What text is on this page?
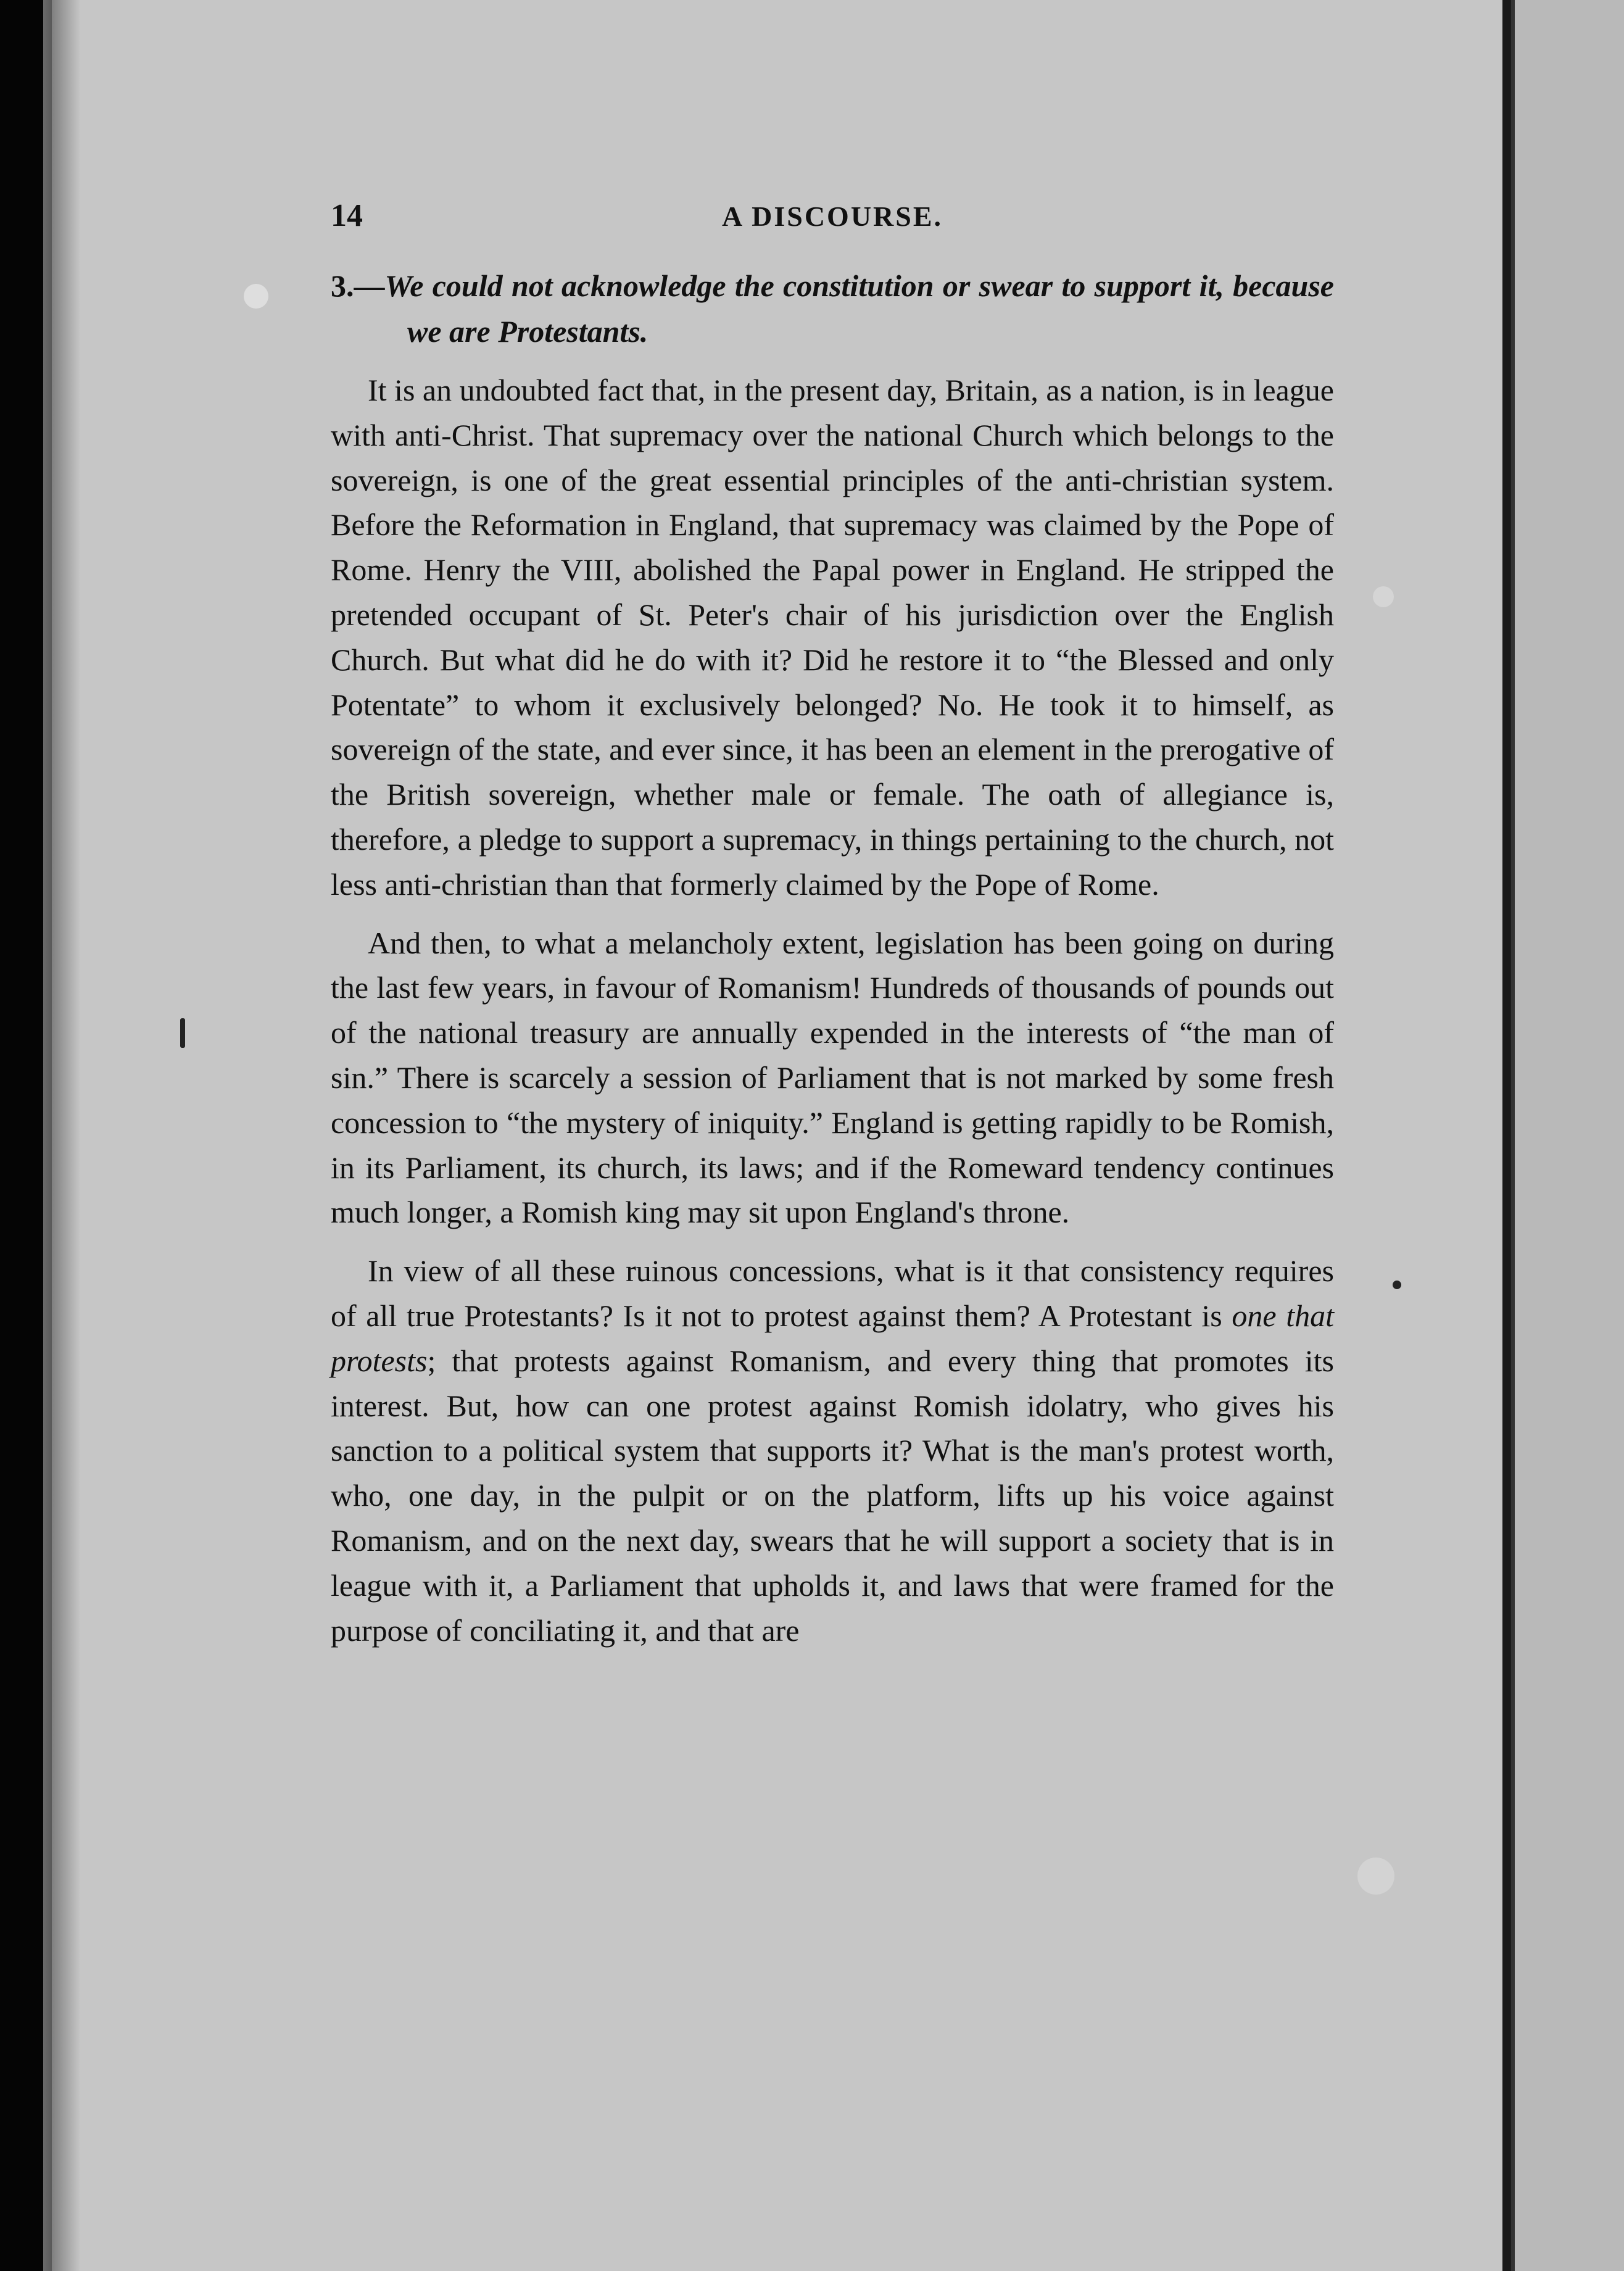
14	A DISCOURSE.
3.—We could not acknowledge the constitution or swear to support it, because we are Protestants.

It is an undoubted fact that, in the present day, Britain, as a nation, is in league with anti-Christ. That supremacy over the national Church which belongs to the sovereign, is one of the great essential principles of the anti-christian system. Before the Reformation in England, that supremacy was claimed by the Pope of Rome. Henry the VIII, abolished the Papal power in England. He stripped the pretended occupant of St. Peter's chair of his jurisdiction over the English Church. But what did he do with it? Did he restore it to “the Blessed and only Potentate” to whom it exclusively belonged? No. He took it to himself, as sovereign of the state, and ever since, it has been an element in the prerogative of the British sovereign, whether male or female. The oath of allegiance is, therefore, a pledge to support a supremacy, in things pertaining to the church, not less anti-christian than that formerly claimed by the Pope of Rome.

And then, to what a melancholy extent, legislation has been going on during the last few years, in favour of Romanism! Hundreds of thousands of pounds out of the national treasury are annually expended in the interests of “the man of sin.” There is scarcely a session of Parliament that is not marked by some fresh concession to “the mystery of iniquity.” England is getting rapidly to be Romish, in its Parliament, its church, its laws; and if the Romeward tendency continues much longer, a Romish king may sit upon England's throne.

In view of all these ruinous concessions, what is it that consistency requires of all true Protestants? Is it not to protest against them? A Protestant is one that protests; that protests against Romanism, and every thing that promotes its interest. But, how can one protest against Romish idolatry, who gives his sanction to a political system that supports it? What is the man's protest worth, who, one day, in the pulpit or on the platform, lifts up his voice against Romanism, and on the next day, swears that he will support a society that is in league with it, a Parliament that upholds it, and laws that were framed for the purpose of conciliating it, and that are
